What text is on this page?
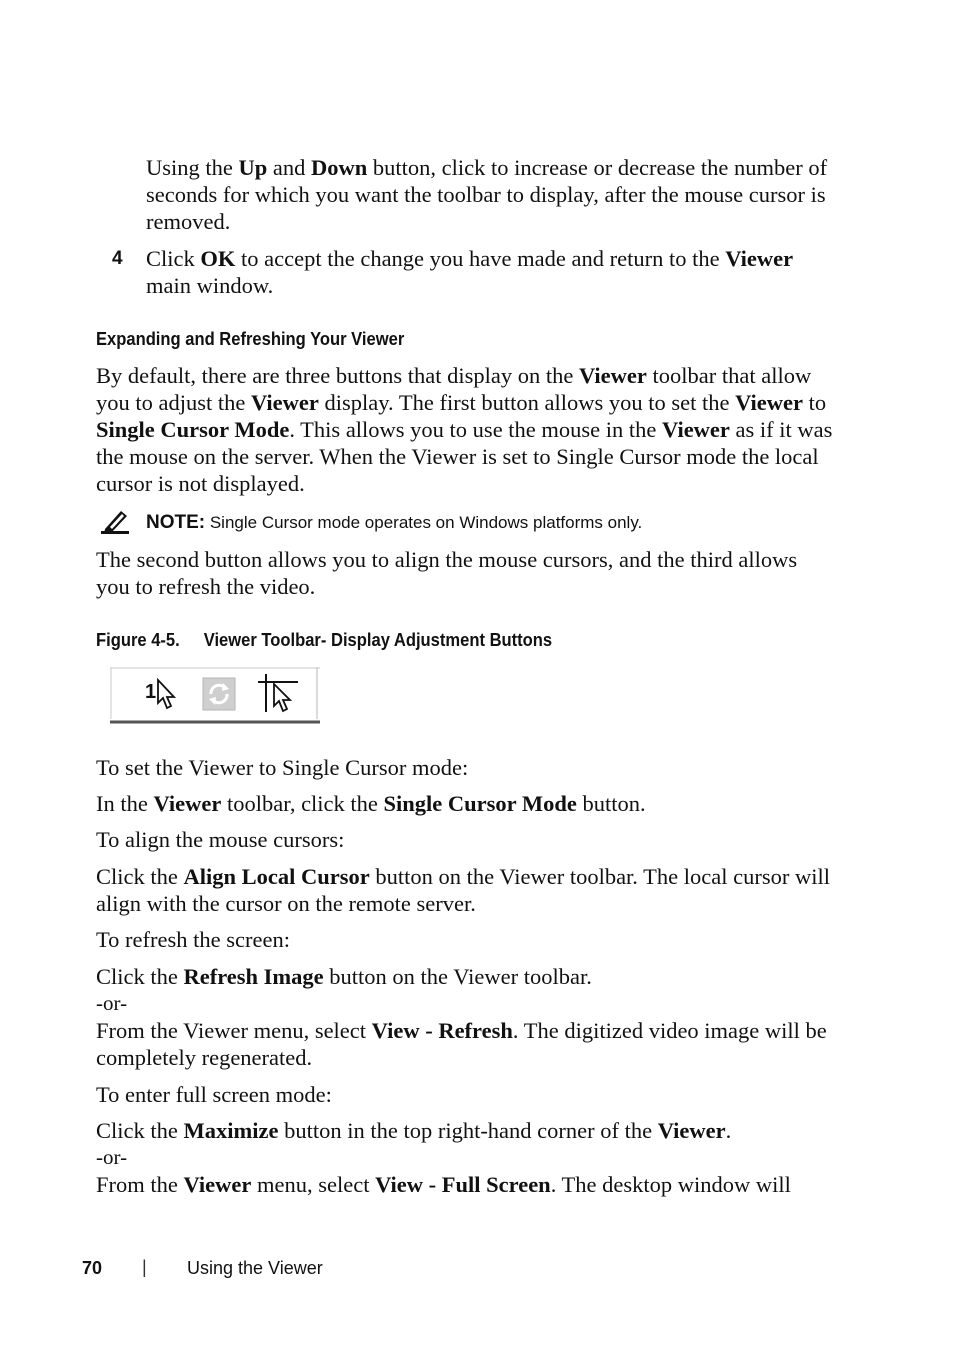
Using the Up and Down button, click to increase or decrease the number of seconds for which you want the toolbar to display, after the mouse cursor is removed.
4 Click OK to accept the change you have made and return to the Viewer main window.
Expanding and Refreshing Your Viewer
By default, there are three buttons that display on the Viewer toolbar that allow you to adjust the Viewer display. The first button allows you to set the Viewer to Single Cursor Mode. This allows you to use the mouse in the Viewer as if it was the mouse on the server. When the Viewer is set to Single Cursor mode the local cursor is not displayed.
NOTE: Single Cursor mode operates on Windows platforms only.
The second button allows you to align the mouse cursors, and the third allows you to refresh the video.
Figure 4-5. Viewer Toolbar- Display Adjustment Buttons
1
To set the Viewer to Single Cursor mode:
In the Viewer toolbar, click the Single Cursor Mode button.
To align the mouse cursors:
Click the Align Local Cursor button on the Viewer toolbar. The local cursor will align with the cursor on the remote server.
To refresh the screen:
Click the Refresh Image button on the Viewer toolbar.
-or-
From the Viewer menu, select View - Refresh. The digitized video image will be completely regenerated.
To enter full screen mode:
Click the Maximize button in the top right-hand corner of the Viewer.
-or-
From the Viewer menu, select View - Full Screen. The desktop window will
70 | Using the Viewer
